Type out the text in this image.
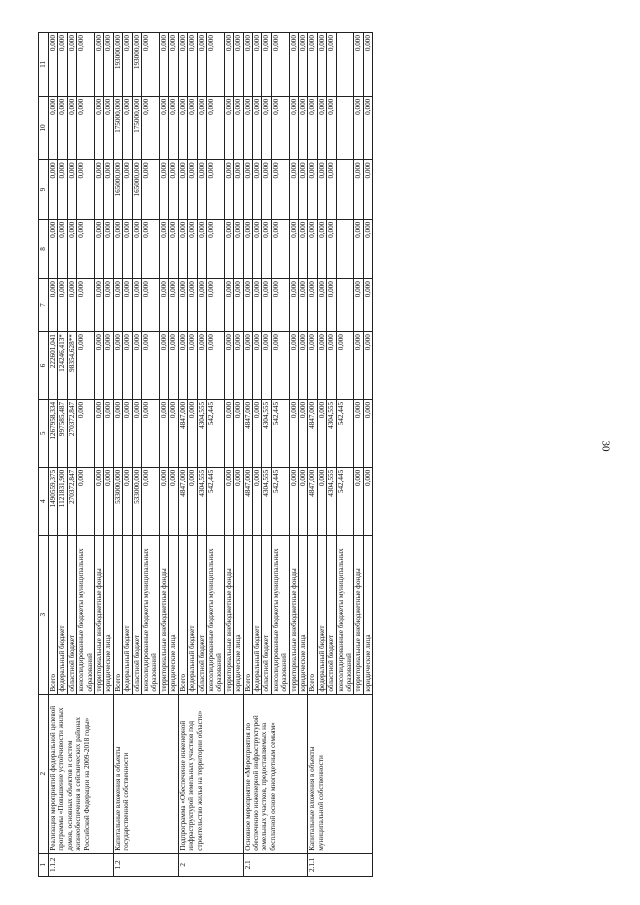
30
1	2	3	4	5	6	7	8	9	10	11
1.1.2	Реализация мероприятий федеральной целевой программы «Повышение устойчивости жилых домов, основных объектов и систем жизнеобеспечения в сейсмических районах Российской Федерации на 2009-2018 годы»	Всего	1490559,375	1267958,334	222601,041	0,000	0,000	0,000	0,000	0,000
		федеральный бюджет	1121831,900	997585,487	124246,413*	0,000	0,000	0,000	0,000	0,000
		областной бюджет	270372,847	270372,847	98354,628**	0,000	0,000	0,000	0,000	0,000
		консолидированные бюджеты муниципальных образований	0,000	0,000	0,000	0,000	0,000	0,000	0,000	0,000
		территориальные внебюджетные фонды	0,000	0,000	0,000	0,000	0,000	0,000	0,000	0,000
		юридические лица	0,000	0,000	0,000	0,000	0,000	0,000	0,000	0,000
1.2	Капитальные вложения в объекты государственной собственности	Всего	533000,000	0,000	0,000	0,000	0,000	165000,000	175000,000	193000,000
		федеральный бюджет	0,000	0,000	0,000	0,000	0,000	0,000	0,000	0,000
		областной бюджет	533000,000	0,000	0,000	0,000	0,000	165000,000	175000,000	193000,000
		консолидированные бюджеты муниципальных образований	0,000	0,000	0,000	0,000	0,000	0,000	0,000	0,000
		территориальные внебюджетные фонды	0,000	0,000	0,000	0,000	0,000	0,000	0,000	0,000
		юридические лица	0,000	0,000	0,000	0,000	0,000	0,000	0,000	0,000
2	Подпрограмма «Обеспечение инженерной инфраструктурой земельных участков под строительство жилья на территории области»	Всего	4847,000	4847,000	0,000	0,000	0,000	0,000	0,000	0,000
		федеральный бюджет	0,000	0,000	0,000	0,000	0,000	0,000	0,000	0,000
		областной бюджет	4304,555	4304,555	0,000	0,000	0,000	0,000	0,000	0,000
		консолидированные бюджеты муниципальных образований	542,445	542,445	0,000	0,000	0,000	0,000	0,000	0,000
		территориальные внебюджетные фонды	0,000	0,000	0,000	0,000	0,000	0,000	0,000	0,000
		юридические лица	0,000	0,000	0,000	0,000	0,000	0,000	0,000	0,000
2.1	Основное мероприятие «Мероприятия по обеспечению инженерной инфраструктурой земельных участков, предоставляемых на бесплатной основе многодетным семьям»	Всего	4847,000	4847,000	0,000	0,000	0,000	0,000	0,000	0,000
		федеральный бюджет	0,000	0,000	0,000	0,000	0,000	0,000	0,000	0,000
		областной бюджет	4304,555	4304,555	0,000	0,000	0,000	0,000	0,000	0,000
		консолидированные бюджеты муниципальных образований	542,445	542,445	0,000	0,000	0,000	0,000	0,000	0,000
		территориальные внебюджетные фонды	0,000	0,000	0,000	0,000	0,000	0,000	0,000	0,000
		юридические лица	0,000	0,000	0,000	0,000	0,000	0,000	0,000	0,000
2.1.1	Капитальные вложения в объекты муниципальной собственности	Всего	4847,000	4847,000	0,000	0,000	0,000	0,000	0,000	0,000
		федеральный бюджет	0,000	0,000	0,000	0,000	0,000	0,000	0,000	0,000
		областной бюджет	4304,555	4304,555	0,000	0,000	0,000	0,000	0,000	0,000
		консолидированные бюджеты муниципальных образований	542,445	542,445	0,000					
		территориальные внебюджетные фонды	0,000	0,000	0,000	0,000	0,000	0,000	0,000	0,000
		юридические лица	0,000	0,000	0,000	0,000	0,000	0,000	0,000	0,000
